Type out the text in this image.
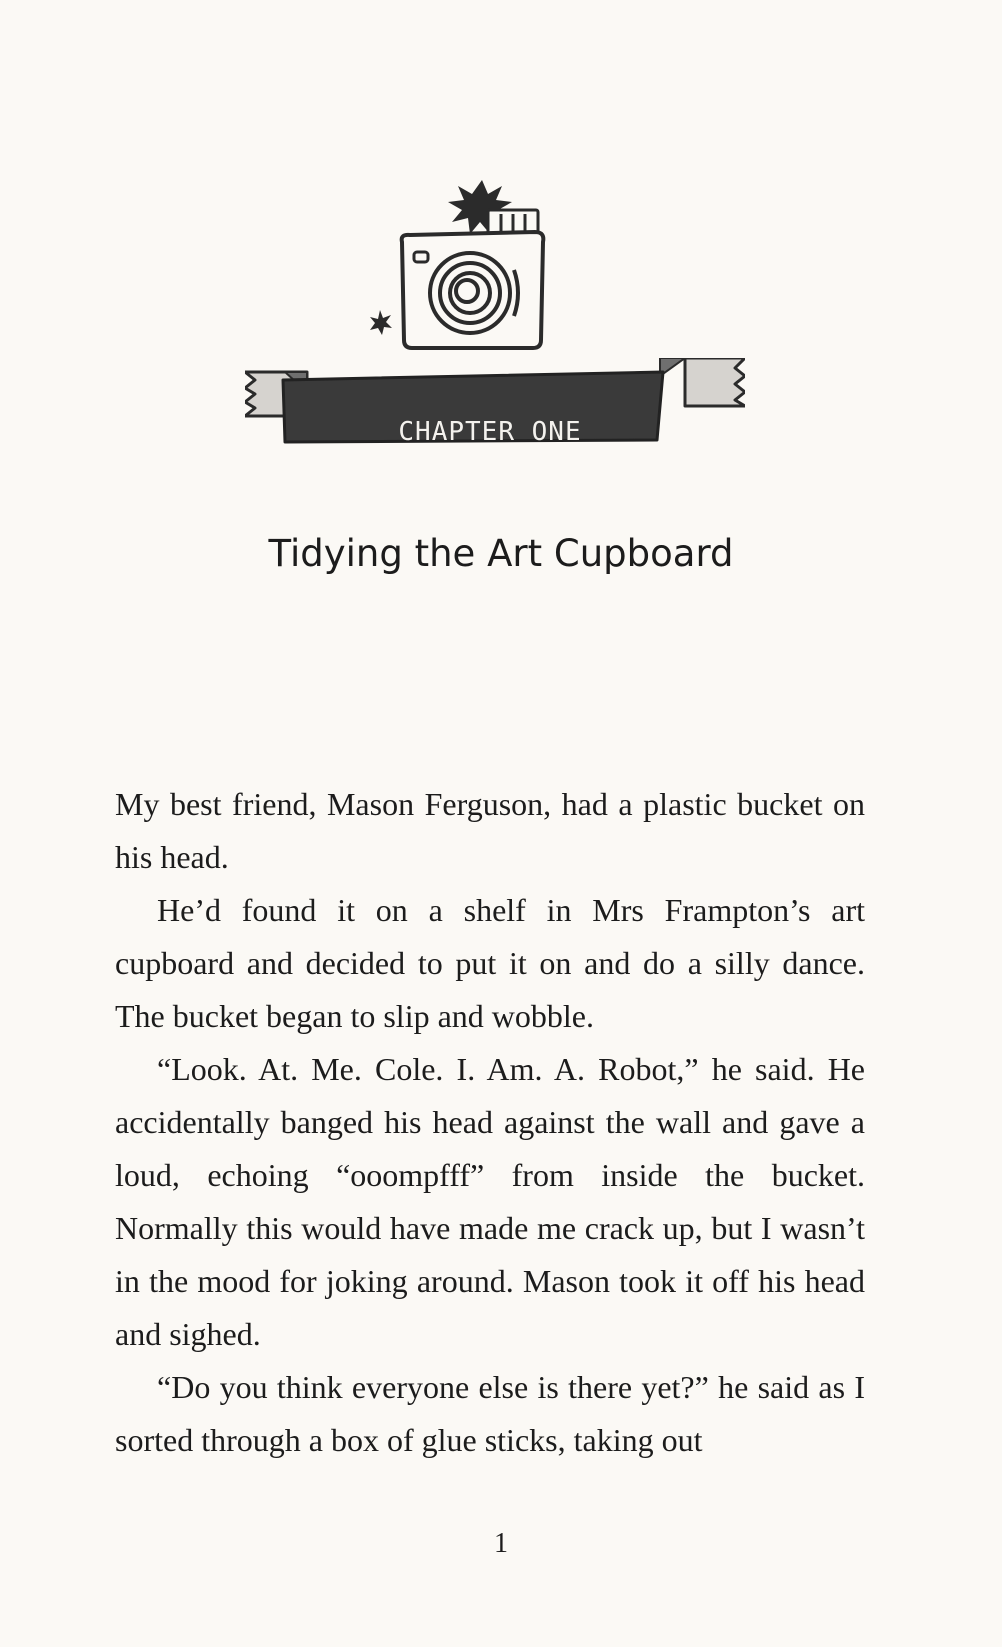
CHAPTER ONE
Tidying the Art Cupboard

My best friend, Mason Ferguson, had a plastic bucket on his head.

He’d found it on a shelf in Mrs Frampton’s art cupboard and decided to put it on and do a silly dance. The bucket began to slip and wobble.

“Look. At. Me. Cole. I. Am. A. Robot,” he said. He accidentally banged his head against the wall and gave a loud, echoing “ooompfff” from inside the bucket. Normally this would have made me crack up, but I wasn’t in the mood for joking around. Mason took it off his head and sighed.

“Do you think everyone else is there yet?” he said as I sorted through a box of glue sticks, taking out

1
